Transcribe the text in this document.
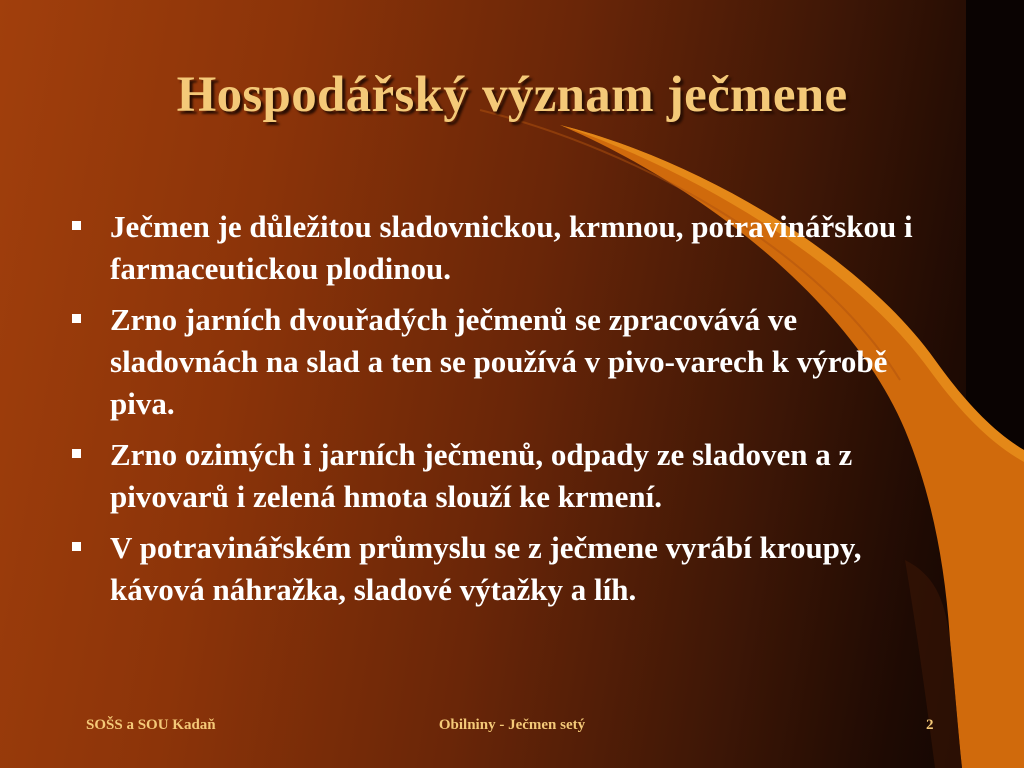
Hospodářský význam ječmene
Ječmen je důležitou sladovnickou, krmnou, potravinářskou i farmaceutickou plodinou.
Zrno jarních dvouřadých ječmenů se zpracovává ve sladovnách na slad a ten se používá v pivo-varech k výrobě piva.
Zrno ozimých i jarních ječmenů, odpady ze sladoven a z pivovarů i zelená hmota slouží ke krmení.
V potravinářském průmyslu se z ječmene vyrábí kroupy, kávová náhražka, sladové výtažky a líh.
SOŠS a SOU Kadaň	Obilniny - Ječmen setý	2
